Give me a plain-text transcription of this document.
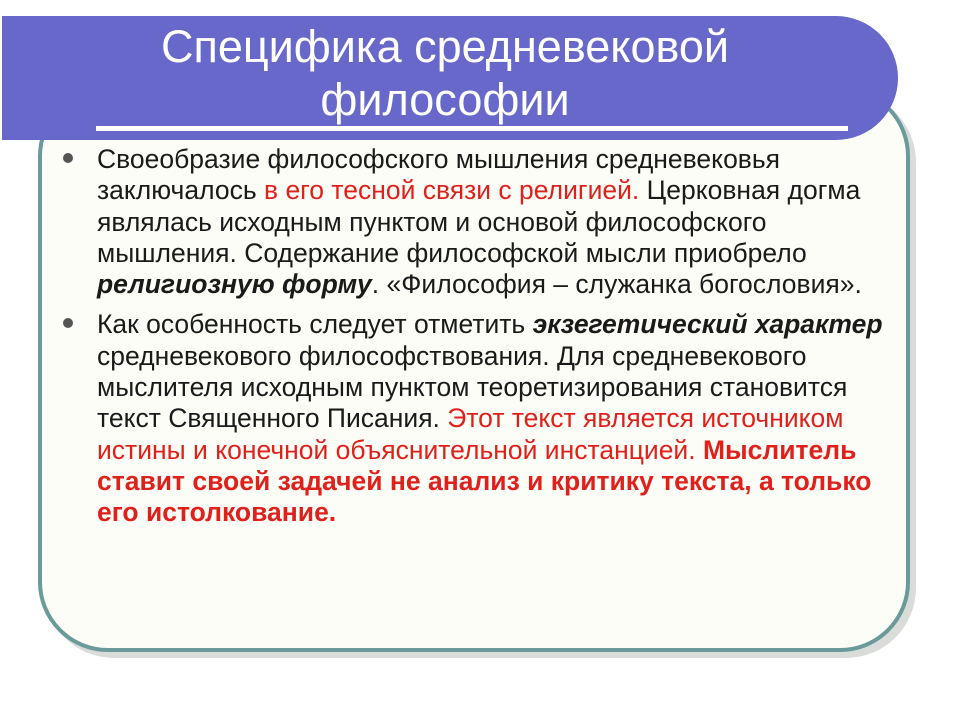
Специфика средневековой
философии
Своеобразие философского мышления средневековья заключалось в его тесной связи с религией. Церковная догма являлась исходным пунктом и основой философского мышления. Содержание философской мысли приобрело религиозную форму. «Философия – служанка богословия».
Как особенность следует отметить экзегетический характер средневекового философствования. Для средневекового мыслителя исходным пунктом теоретизирования становится текст Священного Писания. Этот текст является источником истины и конечной объяснительной инстанцией. Мыслитель ставит своей задачей не анализ и критику текста, а только его истолкование.
